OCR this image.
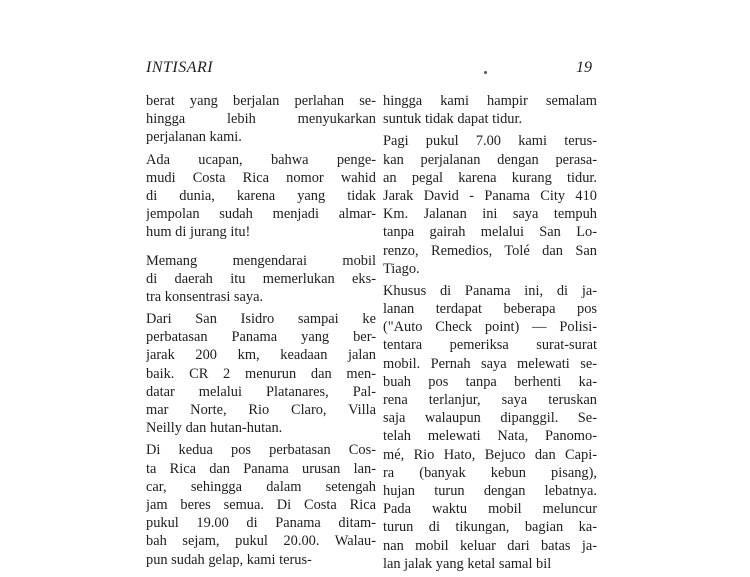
INTISARI	19
berat yang berjalan perlahan se-
hingga lebih menyukarkan
perjalanan kami.
Ada ucapan, bahwa penge-
mudi Costa Rica nomor wahid
di dunia, karena yang tidak
jempolan sudah menjadi almar-
hum di jurang itu!
Memang mengendarai mobil
di daerah itu memerlukan eks-
tra konsentrasi saya.
Dari San Isidro sampai ke
perbatasan Panama yang ber-
jarak 200 km, keadaan jalan
baik. CR 2 menurun dan men-
datar melalui Platanares, Pal-
mar Norte, Rio Claro, Villa
Neilly dan hutan-hutan.
Di kedua pos perbatasan Cos-
ta Rica dan Panama urusan lan-
car, sehingga dalam setengah
jam beres semua. Di Costa Rica
pukul 19.00 di Panama ditam-
bah sejam, pukul 20.00. Walau-
pun sudah gelap, kami terus-
hingga kami hampir semalam
suntuk tidak dapat tidur.
Pagi pukul 7.00 kami terus-
kan perjalanan dengan perasa-
an pegal karena kurang tidur.
Jarak David - Panama City 410
Km. Jalanan ini saya tempuh
tanpa gairah melalui San Lo-
renzo, Remedios, Tolé dan San
Tiago.
Khusus di Panama ini, di ja-
lanan terdapat beberapa pos
("Auto Check point) — Polisi-
tentara pemeriksa surat-surat
mobil. Pernah saya melewati se-
buah pos tanpa berhenti ka-
rena terlanjur, saya teruskan
saja walaupun dipanggil. Se-
telah melewati Nata, Panomo-
mé, Rio Hato, Bejuco dan Capi-
ra (banyak kebun pisang),
hujan turun dengan lebatnya.
Pada waktu mobil meluncur
turun di tikungan, bagian ka-
nan mobil keluar dari batas ja-
lan jalak yang ketal samal bil
